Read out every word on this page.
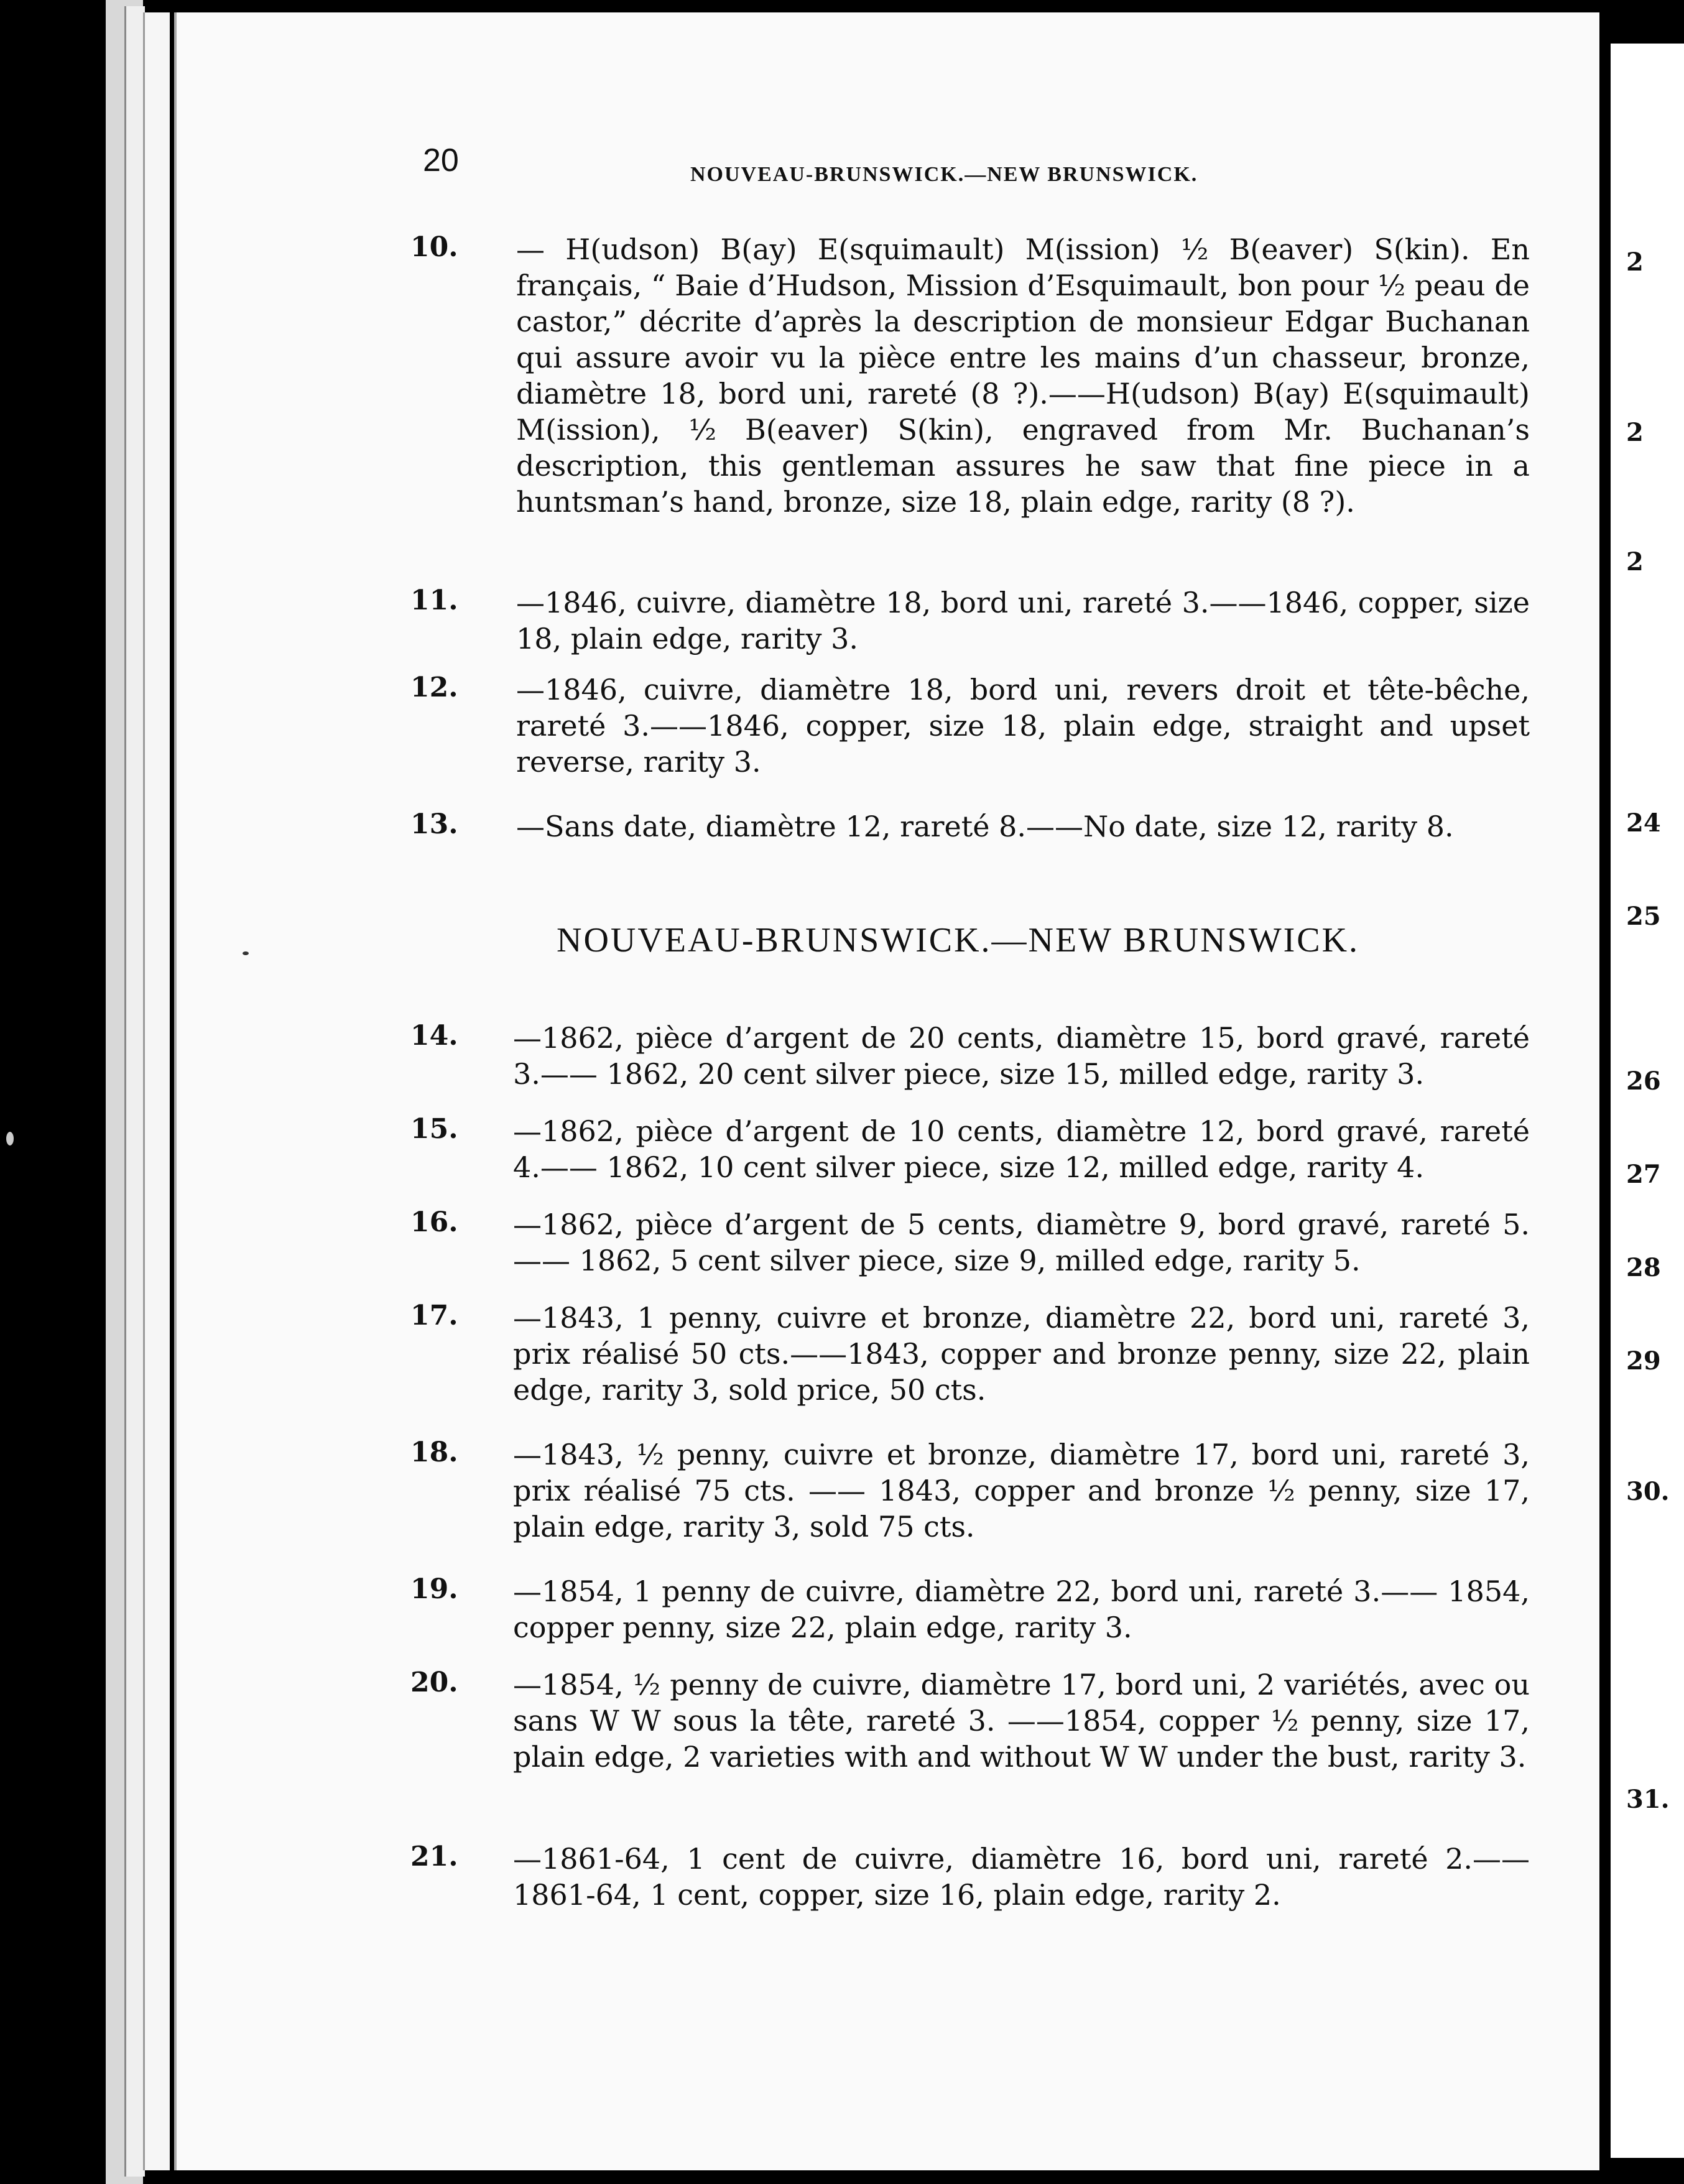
20	NOUVEAU-BRUNSWICK.—NEW BRUNSWICK.
10.	— H(udson) B(ay) E(squimault) M(ission) ½ B(eaver) S(kin). En français, “ Baie d’Hudson, Mission d’Esquimault, bon pour ½ peau de castor,” décrite d’après la description de monsieur Edgar Buchanan qui assure avoir vu la pièce entre les mains d’un chasseur, bronze, diamètre 18, bord uni, rareté (8 ?).——H(udson) B(ay) E(squimault) M(ission), ½ B(eaver) S(kin), engraved from Mr. Buchanan’s description, this gentleman assures he saw that fine piece in a huntsman’s hand, bronze, size 18, plain edge, rarity (8 ?).
11.	—1846, cuivre, diamètre 18, bord uni, rareté 3.——1846, copper, size 18, plain edge, rarity 3.
12.	—1846, cuivre, diamètre 18, bord uni, revers droit et tête-bêche, rareté 3.——1846, copper, size 18, plain edge, straight and upset reverse, rarity 3.
13.	—Sans date, diamètre 12, rareté 8.——No date, size 12, rarity 8.
NOUVEAU-BRUNSWICK.—NEW BRUNSWICK.
14.	—1862, pièce d’argent de 20 cents, diamètre 15, bord gravé, rareté 3.—— 1862, 20 cent silver piece, size 15, milled edge, rarity 3.
15.	—1862, pièce d’argent de 10 cents, diamètre 12, bord gravé, rareté 4.—— 1862, 10 cent silver piece, size 12, milled edge, rarity 4.
16.	—1862, pièce d’argent de 5 cents, diamètre 9, bord gravé, rareté 5. —— 1862, 5 cent silver piece, size 9, milled edge, rarity 5.
17.	—1843, 1 penny, cuivre et bronze, diamètre 22, bord uni, rareté 3, prix réalisé 50 cts.——1843, copper and bronze penny, size 22, plain edge, rarity 3, sold price, 50 cts.
18.	—1843, ½ penny, cuivre et bronze, diamètre 17, bord uni, rareté 3, prix réalisé 75 cts. —— 1843, copper and bronze ½ penny, size 17, plain edge, rarity 3, sold 75 cts.
19.	—1854, 1 penny de cuivre, diamètre 22, bord uni, rareté 3.—— 1854, copper penny, size 22, plain edge, rarity 3.
20.	—1854, ½ penny de cuivre, diamètre 17, bord uni, 2 variétés, avec ou sans W W sous la tête, rareté 3. ——1854, copper ½ penny, size 17, plain edge, 2 varieties with and without W W under the bust, rarity 3.
21.	—1861-64, 1 cent de cuivre, diamètre 16, bord uni, rareté 2.—— 1861-64, 1 cent, copper, size 16, plain edge, rarity 2.
2
2
2
24
25
26
27
28
29
30.
31.
